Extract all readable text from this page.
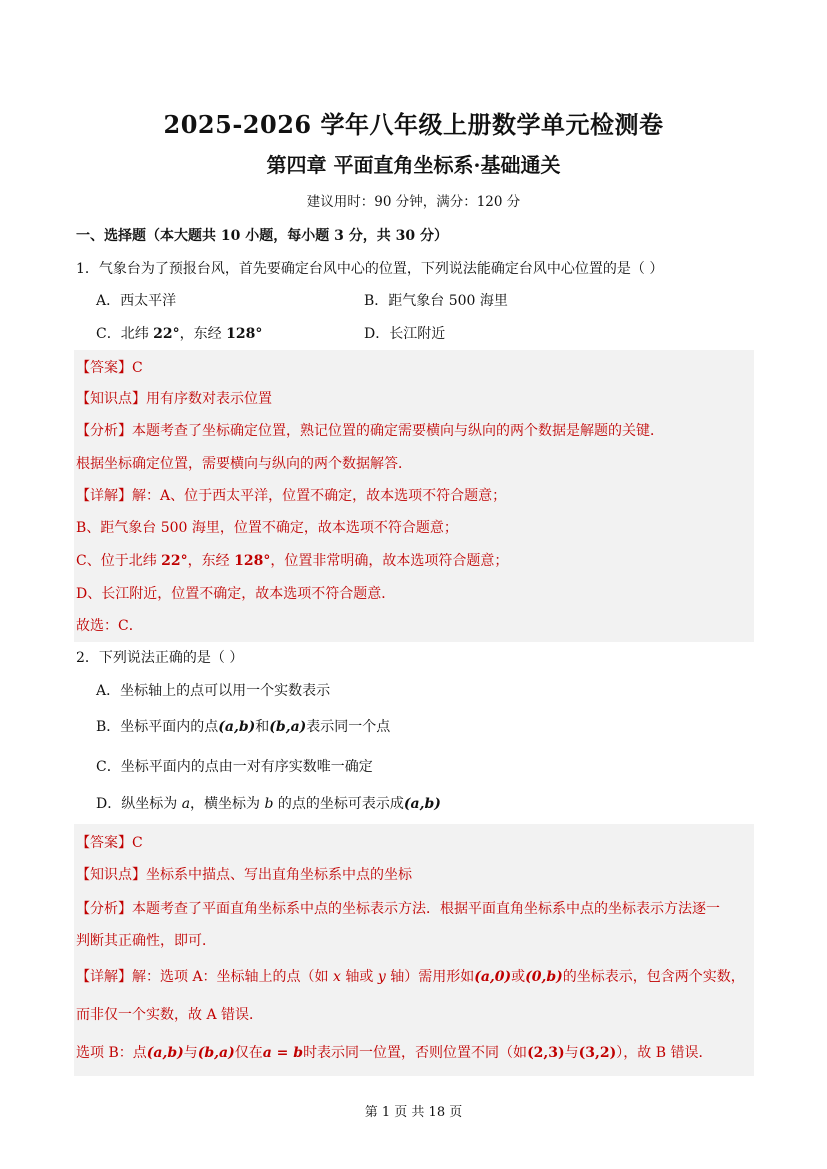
2025-2026 学年八年级上册数学单元检测卷
第四章 平面直角坐标系·基础通关
建议用时：90 分钟，满分：120 分
一、选择题（本大题共 10 小题，每小题 3 分，共 30 分）
1．气象台为了预报台风，首先要确定台风中心的位置，下列说法能确定台风中心位置的是（ ）
A．西太平洋	B．距气象台 500 海里
C．北纬 22°，东经 128°	D．长江附近
【答案】C
【知识点】用有序数对表示位置
【分析】本题考查了坐标确定位置，熟记位置的确定需要横向与纵向的两个数据是解题的关键．
根据坐标确定位置，需要横向与纵向的两个数据解答．
【详解】解：A、位于西太平洋，位置不确定，故本选项不符合题意；
B、距气象台 500 海里，位置不确定，故本选项不符合题意；
C、位于北纬 22°，东经 128°，位置非常明确，故本选项符合题意；
D、长江附近，位置不确定，故本选项不符合题意．
故选：C．
2．下列说法正确的是（ ）
A．坐标轴上的点可以用一个实数表示
B．坐标平面内的点(a,b)和(b,a)表示同一个点
C．坐标平面内的点由一对有序实数唯一确定
D．纵坐标为 a，横坐标为 b 的点的坐标可表示成(a,b)
【答案】C
【知识点】坐标系中描点、写出直角坐标系中点的坐标
【分析】本题考查了平面直角坐标系中点的坐标表示方法．根据平面直角坐标系中点的坐标表示方法逐一
判断其正确性，即可．
【详解】解：选项 A：坐标轴上的点（如 x 轴或 y 轴）需用形如(a,0)或(0,b)的坐标表示，包含两个实数，
而非仅一个实数，故 A 错误．
选项 B：点(a,b)与(b,a)仅在a = b时表示同一位置，否则位置不同（如(2,3)与(3,2)），故 B 错误．
第 1 页 共 18 页
